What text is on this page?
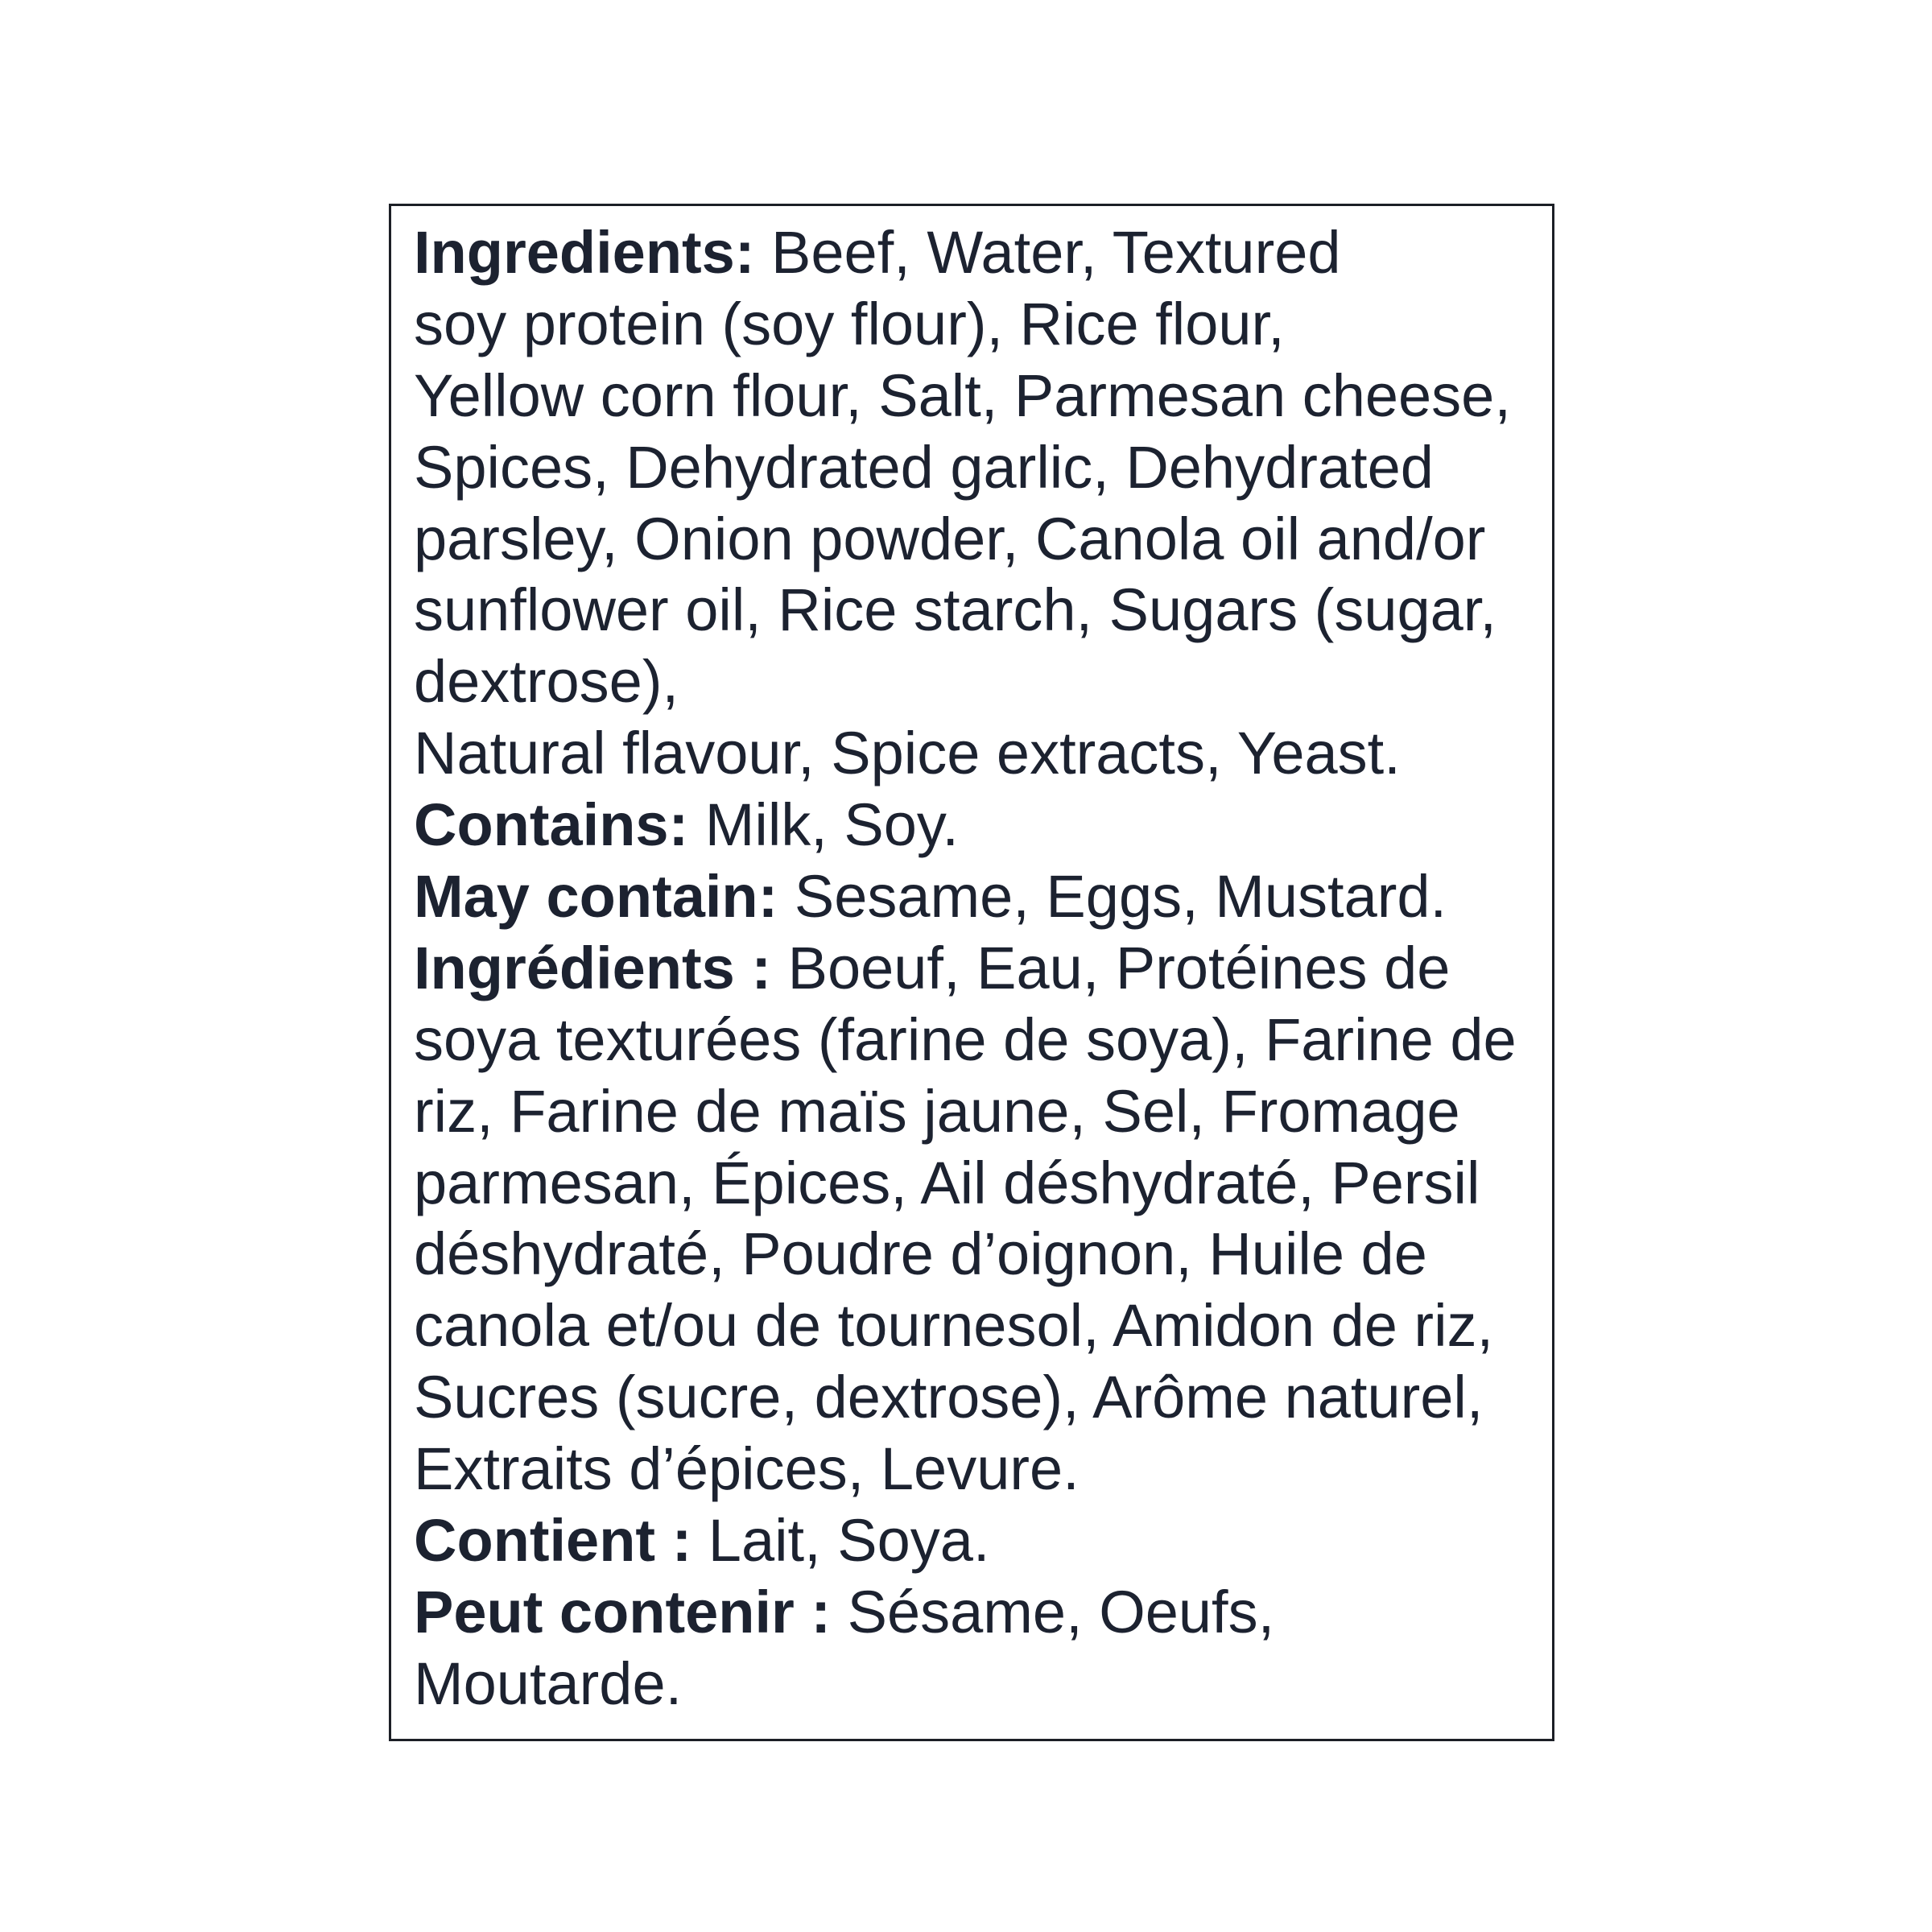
Ingredients: Beef, Water, Textured
soy protein (soy flour), Rice flour,
Yellow corn flour, Salt, Parmesan cheese,
Spices, Dehydrated garlic, Dehydrated
parsley, Onion powder, Canola oil and/or
sunflower oil, Rice starch, Sugars (sugar,
dextrose),
Natural flavour, Spice extracts, Yeast.
Contains: Milk, Soy.
May contain: Sesame, Eggs, Mustard.
Ingrédients : Boeuf, Eau, Protéines de
soya texturées (farine de soya), Farine de
riz, Farine de maïs jaune, Sel, Fromage
parmesan, Épices, Ail déshydraté, Persil
déshydraté, Poudre d’oignon, Huile de
canola et/ou de tournesol, Amidon de riz,
Sucres (sucre, dextrose), Arôme naturel,
Extraits d’épices, Levure.
Contient : Lait, Soya.
Peut contenir : Sésame, Oeufs,
Moutarde.
